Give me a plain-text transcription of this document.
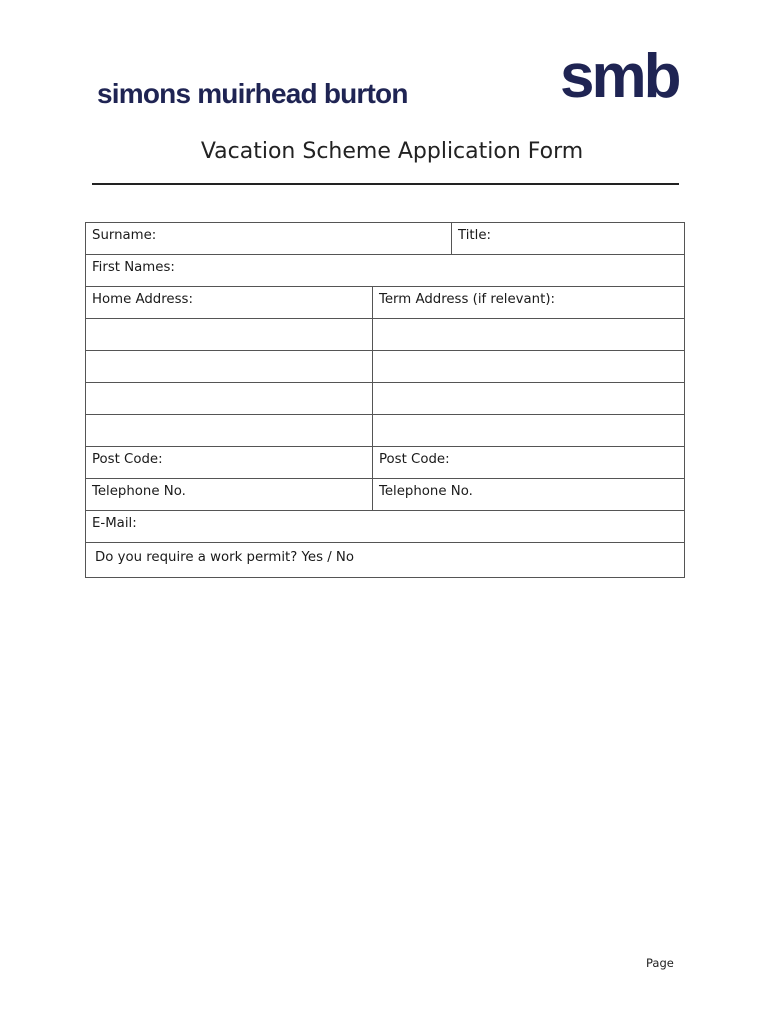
simons muirhead burton smb
Vacation Scheme Application Form
Surname:		Title:
First Names:		
Home Address:	Term Address (if relevant):	

Post Code:	Post Code:	
Telephone No.	Telephone No.	
E-Mail:		
Do you require a work permit? Yes / No		
Page
